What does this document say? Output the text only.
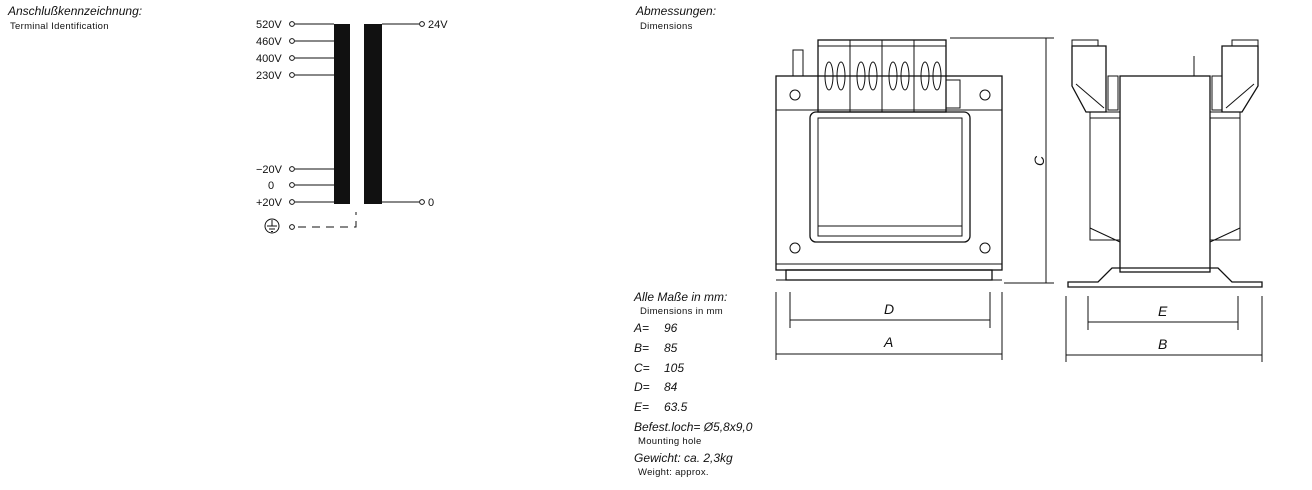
Anschlußkennzeichnung:
Terminal Identification	520V
460V
400V
230V
−20V
0
+20V
24V
0
Abmessungen:
Dimensions
C
D
A
E
B
Alle Maße in mm:
Dimensions in mm
A= 96
B= 85
C= 105
D= 84
E= 63.5
Befest.loch= Ø5,8x9,0
Mounting hole
Gewicht: ca. 2,3kg
Weight: approx.
